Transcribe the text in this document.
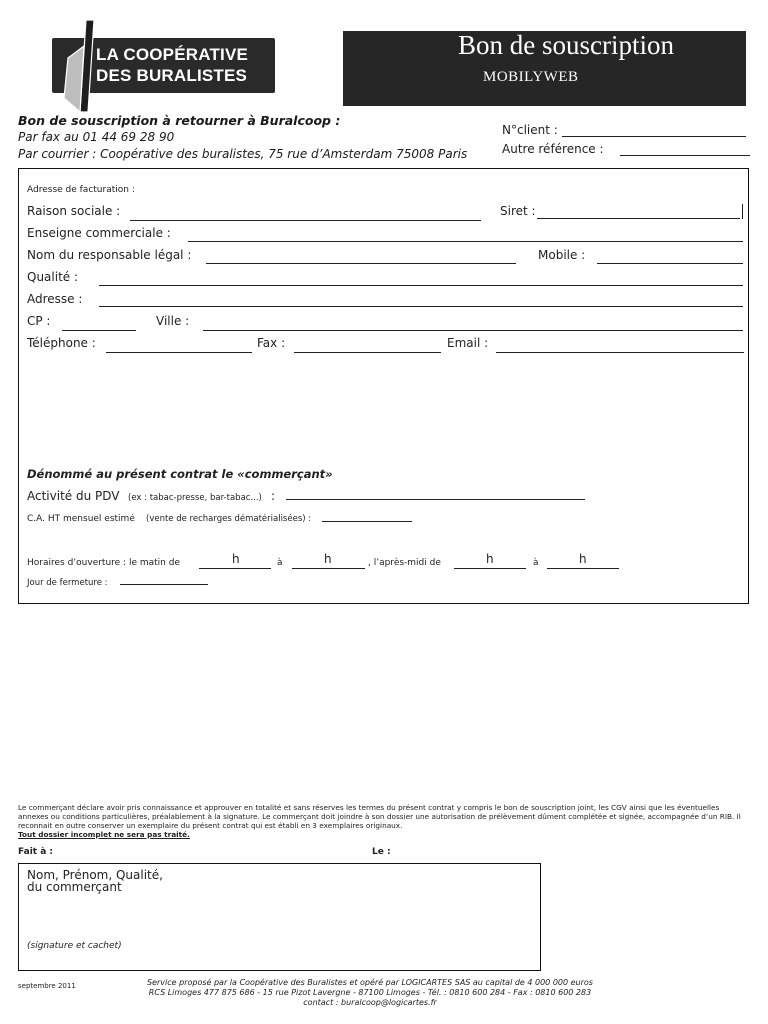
LA COOPÉRATIVE
DES BURALISTES
Bon de souscription
MOBILYWEB
Bon de souscription à retourner à Buralcoop :
Par fax au 01 44 69 28 90
Par courrier : Coopérative des buralistes, 75 rue d’Amsterdam 75008 Paris
N°client :
Autre référence :
Adresse de facturation :
Raison sociale :	Siret :
Enseigne commerciale :
Nom du responsable légal :	Mobile :
Qualité :
Adresse :
CP :	Ville :
Téléphone :	Fax :	Email :
Dénommé au présent contrat le «commerçant»
Activité du PDV (ex : tabac-presse, bar-tabac...) :
C.A. HT mensuel estimé (vente de recharges dématérialisées) :
Horaires d’ouverture : le matin de	h	à	h	, l’après-midi de	h	à	h
Jour de fermeture :
Le commerçant déclare avoir pris connaissance et approuver en totalité et sans réserves les termes du présent contrat y compris le bon de souscription joint, les CGV ainsi que les éventuelles annexes ou conditions particulières, préalablement à la signature. Le commerçant doit joindre à son dossier une autorisation de prélèvement dûment complétée et signée, accompagnée d’un RIB. Il reconnait en outre conserver un exemplaire du présent contrat qui est établi en 3 exemplaires originaux.
Tout dossier incomplet ne sera pas traité.
Fait à :	Le :
Nom, Prénom, Qualité,
du commerçant
(signature et cachet)
septembre 2011	Service proposé par la Coopérative des Buralistes et opéré par LOGICARTES SAS au capital de 4 000 000 euros
RCS Limoges 477 875 686 - 15 rue Pizot Lavergne - 87100 Limoges - Tél. : 0810 600 284 - Fax : 0810 600 283
contact : buralcoop@logicartes.fr
